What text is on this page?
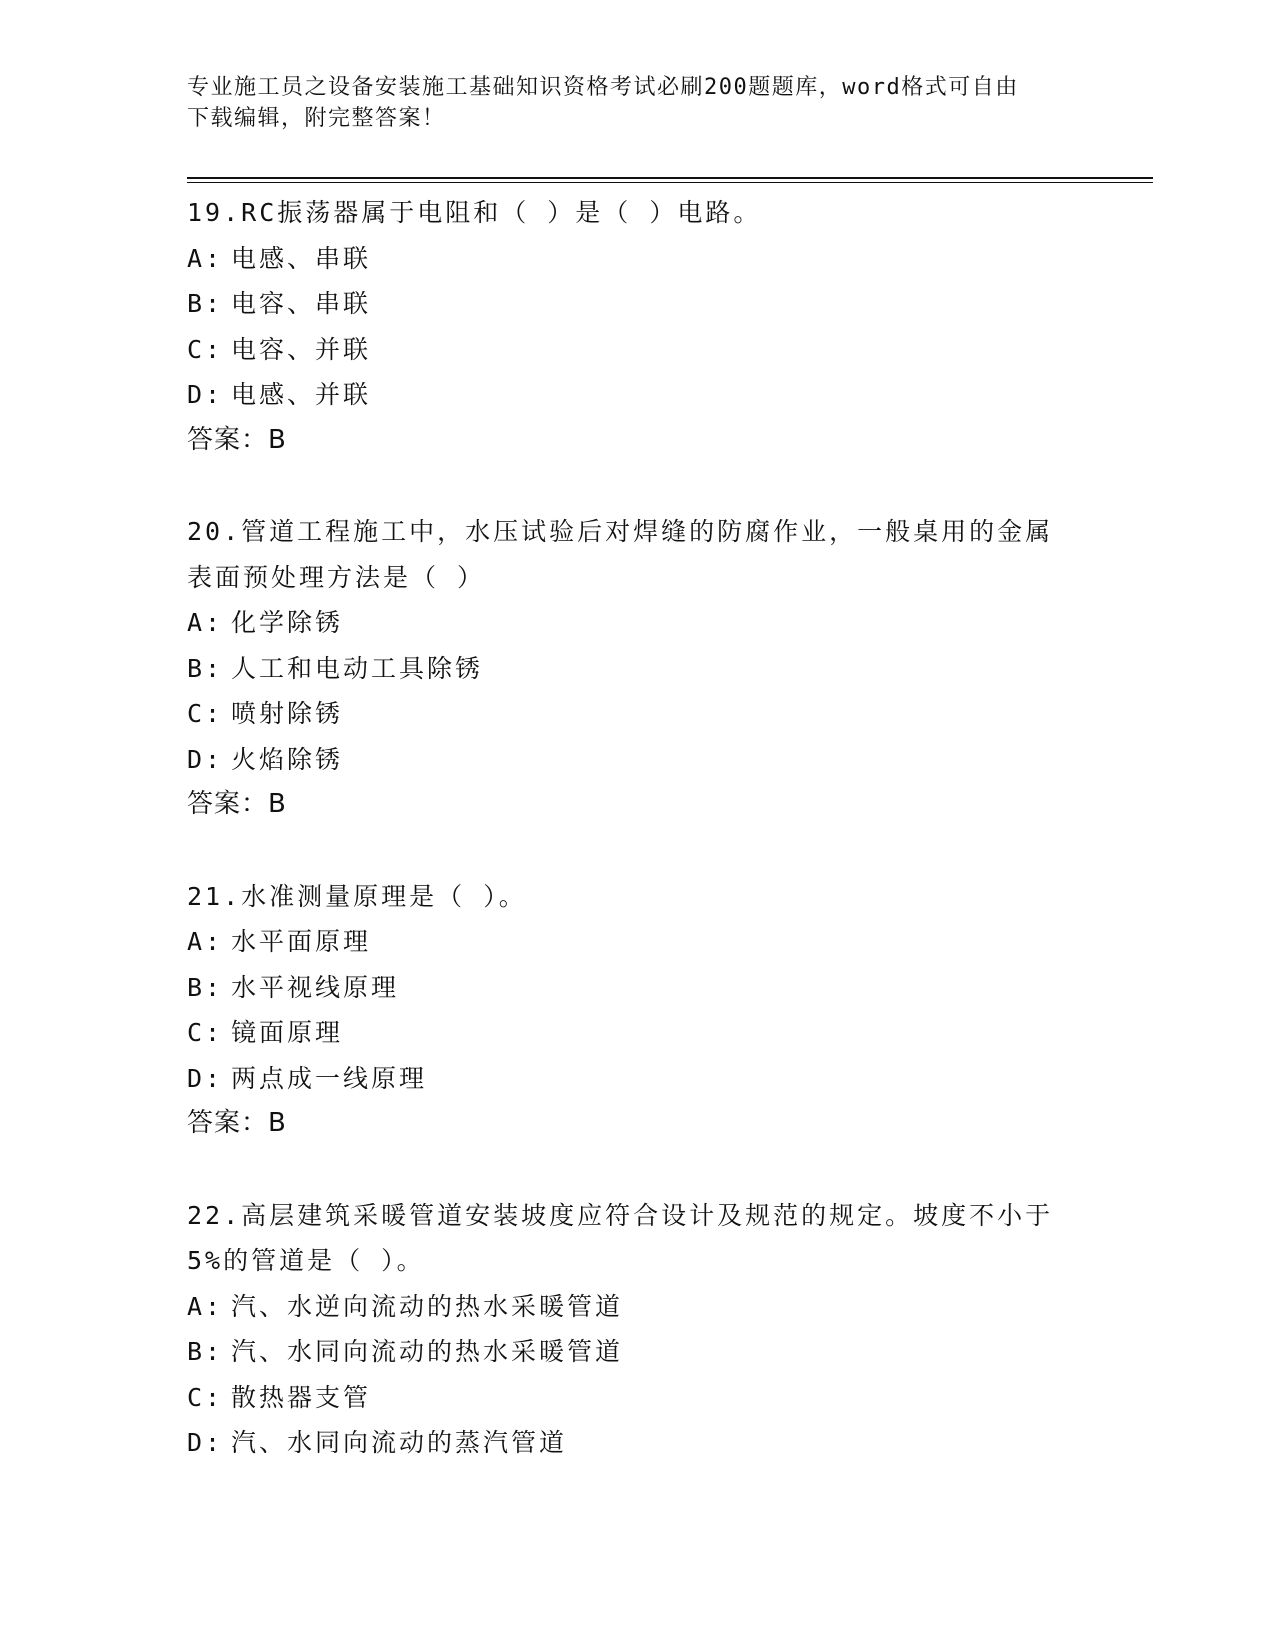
专业施工员之设备安装施工基础知识资格考试必刷200题题库，word格式可自由
下载编辑，附完整答案！
19.RC振荡器属于电阻和（ ）是（ ）电路。
A: 电感、串联
B: 电容、串联
C: 电容、并联
D: 电感、并联
答案：B
20.管道工程施工中，水压试验后对焊缝的防腐作业，一般桌用的金属
表面预处理方法是（ ）
A: 化学除锈
B: 人工和电动工具除锈
C: 喷射除锈
D: 火焰除锈
答案：B
21.水准测量原理是（ ）。
A: 水平面原理
B: 水平视线原理
C: 镜面原理
D: 两点成一线原理
答案：B
22.高层建筑采暖管道安装坡度应符合设计及规范的规定。坡度不小于
5%的管道是（ ）。
A: 汽、水逆向流动的热水采暖管道
B: 汽、水同向流动的热水采暖管道
C: 散热器支管
D: 汽、水同向流动的蒸汽管道
